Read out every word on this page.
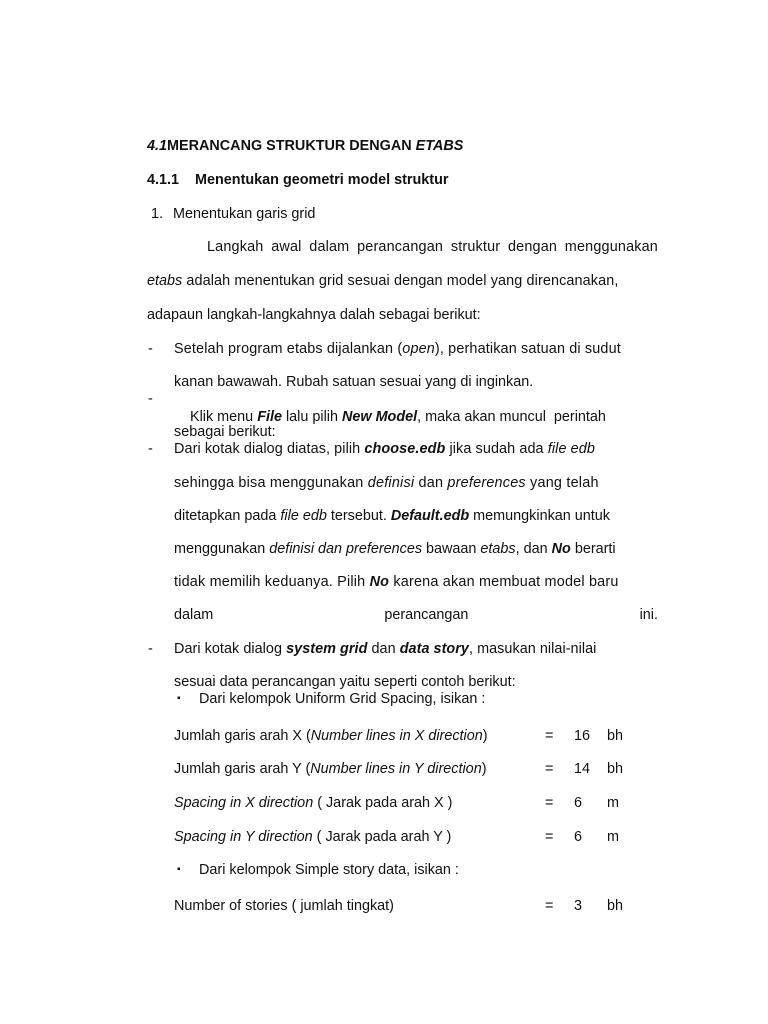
4.1MERANCANG STRUKTUR DENGAN ETABS
4.1.1 Menentukan geometri model struktur
1. Menentukan garis grid
Langkah awal dalam perancangan struktur dengan menggunakan
etabs adalah menentukan grid sesuai dengan model yang direncanakan,
adapaun langkah-langkahnya dalah sebagai berikut:
- Setelah program etabs dijalankan (open), perhatikan satuan di sudut
kanan bawawah. Rubah satuan sesuai yang di inginkan.
-

Klik menu File lalu pilih New Model, maka akan muncul  perintah

sebagai berikut:
- Dari kotak dialog diatas, pilih choose.edb jika sudah ada file edb
sehingga bisa menggunakan definisi dan preferences yang telah
ditetapkan pada file edb tersebut. Default.edb memungkinkan untuk
menggunakan definisi dan preferences bawaan etabs, dan No berarti
tidak memilih keduanya. Pilih No karena akan membuat model baru
dalam	perancangan	ini.
- Dari kotak dialog system grid dan data story, masukan nilai-nilai
sesuai data perancangan yaitu seperti contoh berikut:
▪ Dari kelompok Uniform Grid Spacing, isikan :
Jumlah garis arah X (Number lines in X direction)	= 16 bh
Jumlah garis arah Y (Number lines in Y direction)	= 14 bh
Spacing in X direction ( Jarak pada arah X )	= 6 m
Spacing in Y direction ( Jarak pada arah Y )	= 6 m
▪ Dari kelompok Simple story data, isikan :
Number of stories ( jumlah tingkat)	= 3 bh
